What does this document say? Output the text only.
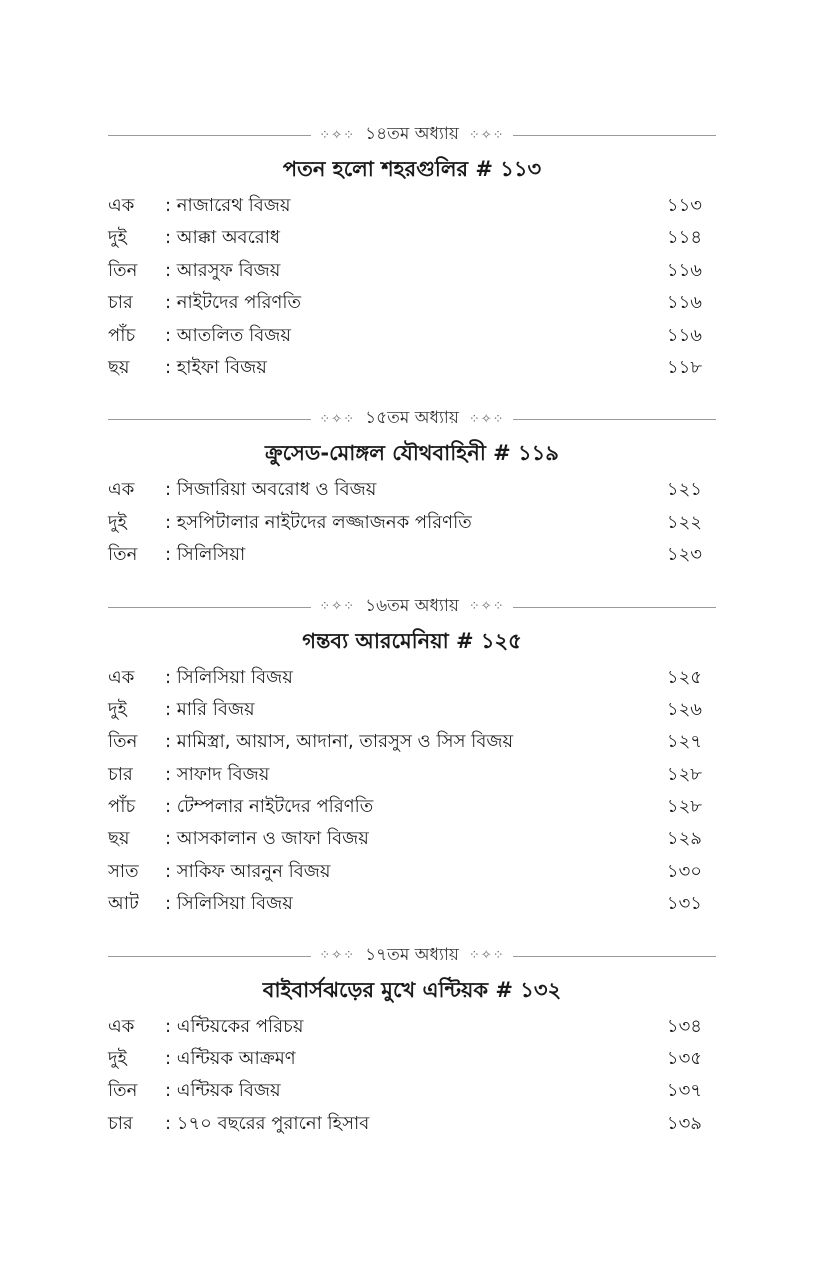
⁘✧⁘ ১৪তম অধ্যায় ⁘✧⁘
পতন হলো শহরগুলির # ১১৩
এক	: নাজারেথ বিজয়	১১৩
দুই	: আক্কা অবরোধ	১১৪
তিন	: আরসুফ বিজয়	১১৬
চার	: নাইটদের পরিণতি	১১৬
পাঁচ	: আতলিত বিজয়	১১৬
ছয়	: হাইফা বিজয়	১১৮
⁘✧⁘ ১৫তম অধ্যায় ⁘✧⁘
ক্রুসেড-মোঙ্গল যৌথবাহিনী # ১১৯
এক	: সিজারিয়া অবরোধ ও বিজয়	১২১
দুই	: হসপিটালার নাইটদের লজ্জাজনক পরিণতি	১২২
তিন	: সিলিসিয়া	১২৩
⁘✧⁘ ১৬তম অধ্যায় ⁘✧⁘
গন্তব্য আরমেনিয়া # ১২৫
এক	: সিলিসিয়া বিজয়	১২৫
দুই	: মারি বিজয়	১২৬
তিন	: মামিস্ত্রা, আয়াস, আদানা, তারসুস ও সিস বিজয়	১২৭
চার	: সাফাদ বিজয়	১২৮
পাঁচ	: টেম্পলার নাইটদের পরিণতি	১২৮
ছয়	: আসকালান ও জাফা বিজয়	১২৯
সাত	: সাকিফ আরনুন বিজয়	১৩০
আট	: সিলিসিয়া বিজয়	১৩১
⁘✧⁘ ১৭তম অধ্যায় ⁘✧⁘
বাইবার্সঝড়ের মুখে এন্টিয়ক # ১৩২
এক	: এন্টিয়কের পরিচয়	১৩৪
দুই	: এন্টিয়ক আক্রমণ	১৩৫
তিন	: এন্টিয়ক বিজয়	১৩৭
চার	: ১৭০ বছরের পুরানো হিসাব	১৩৯
